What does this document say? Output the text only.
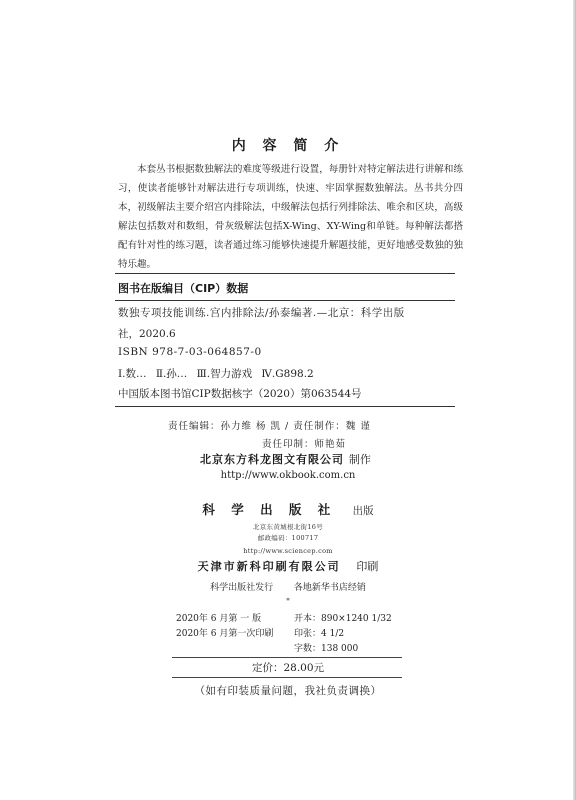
内 容 简 介

本套丛书根据数独解法的难度等级进行设置，每册针对特定解法进行讲解和练习，使读者能够针对解法进行专项训练，快速、牢固掌握数独解法。丛书共分四本，初级解法主要介绍宫内排除法，中级解法包括行列排除法、唯余和区块，高级解法包括数对和数组，骨灰级解法包括X-Wing、XY-Wing和单链。每种解法都搭配有针对性的练习题，读者通过练习能够快速提升解题技能，更好地感受数独的独特乐趣。

图书在版编目（CIP）数据
数独专项技能训练.宫内排除法/孙泰编著.—北京：科学出版
社，2020.6
ISBN 978-7-03-064857-0
Ⅰ.数… Ⅱ.孙… Ⅲ.智力游戏 Ⅳ.G898.2
中国版本图书馆CIP数据核字（2020）第063544号
责任编辑：孙力维 杨 凯 / 责任制作：魏 谨
责任印制：师艳茹
北京东方科龙图文有限公司 制作
http://www.okbook.com.cn
科 学 出 版 社 出版
北京东黄城根北街16号
邮政编码：100717
http://www.sciencep.com
天津市新科印刷有限公司 印刷
科学出版社发行 各地新华书店经销
*
2020年 6 月第 一 版	开本：890×1240 1/32
2020年 6 月第一次印刷 印张：4 1/2
字数：138 000
定价：28.00元
（如有印装质量问题，我社负责调换）
